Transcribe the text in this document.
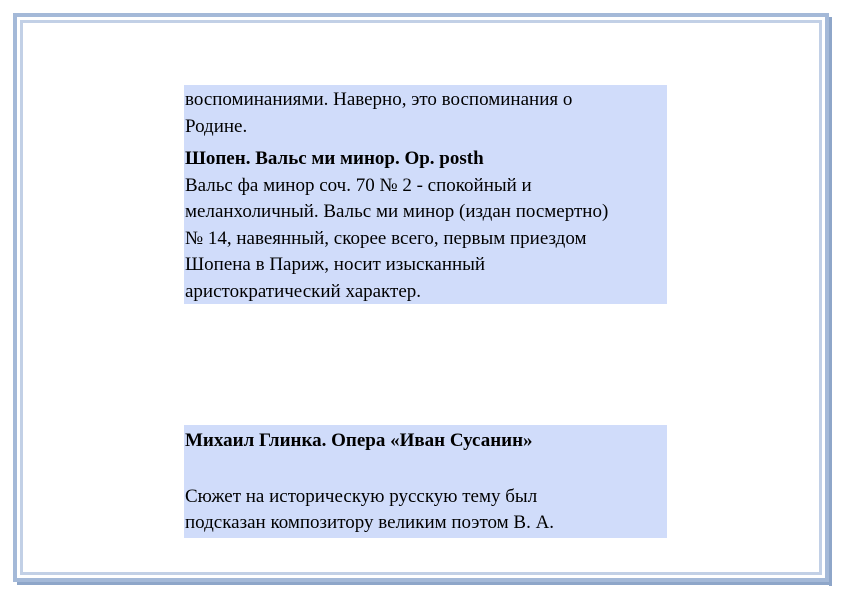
воспоминаниями. Наверно, это воспоминания о
Родине.
Шопен. Вальс ми минор. Op. posth
Вальс фа минор соч. 70 № 2 - спокойный и
меланхоличный. Вальс ми минор (издан посмертно)
№ 14, навеянный, скорее всего, первым приездом
Шопена в Париж, носит изысканный
аристократический характер.
Михаил Глинка. Опера «Иван Сусанин»
Сюжет на историческую русскую тему был
подсказан композитору великим поэтом В. А.
